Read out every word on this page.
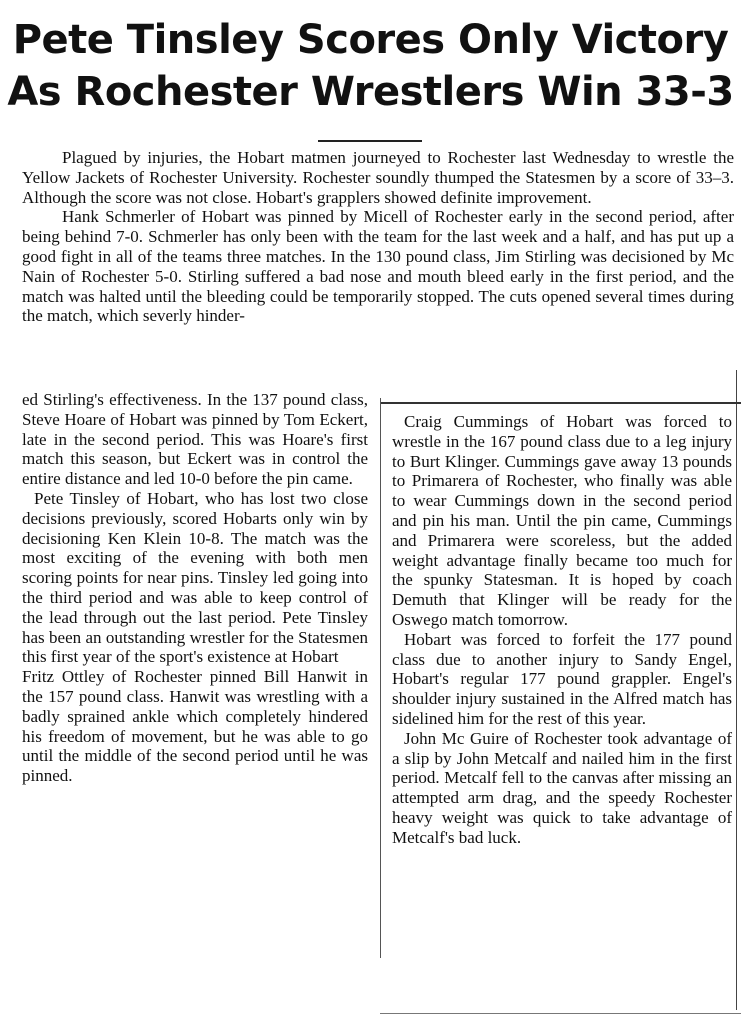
Pete Tinsley Scores Only Victory
As Rochester Wrestlers Win 33-3

Plagued by injuries, the Hobart matmen journeyed to Rochester last Wednesday to wrestle the Yellow Jackets of Rochester University. Rochester soundly thumped the Statesmen by a score of 33–3. Although the score was not close. Hobart's grapplers showed definite improvement.

Hank Schmerler of Hobart was pinned by Micell of Rochester early in the second period, after being behind 7-0. Schmerler has only been with the team for the last week and a half, and has put up a good fight in all of the teams three matches. In the 130 pound class, Jim Stirling was decisioned by Mc Nain of Rochester 5-0. Stirling suffered a bad nose and mouth bleed early in the first period, and the match was halted until the bleeding could be temporarily stopped. The cuts opened several times during the match, which severly hinder-

ed Stirling's effectiveness. In the 137 pound class, Steve Hoare of Hobart was pinned by Tom Eckert, late in the second period. This was Hoare's first match this season, but Eckert was in control the entire distance and led 10-0 before the pin came.

Pete Tinsley of Hobart, who has lost two close decisions previously, scored Hobarts only win by decisioning Ken Klein 10-8. The match was the most exciting of the evening with both men scoring points for near pins. Tinsley led going into the third period and was able to keep control of the lead through out the last period. Pete Tinsley has been an outstanding wrestler for the Statesmen this first year of the sport's existence at Hobart

Fritz Ottley of Rochester pinned Bill Hanwit in the 157 pound class. Hanwit was wrestling with a badly sprained ankle which completely hindered his freedom of movement, but he was able to go until the middle of the second period until he was pinned.

Craig Cummings of Hobart was forced to wrestle in the 167 pound class due to a leg injury to Burt Klinger. Cummings gave away 13 pounds to Primarera of Rochester, who finally was able to wear Cummings down in the second period and pin his man. Until the pin came, Cummings and Primarera were scoreless, but the added weight advantage finally became too much for the spunky Statesman. It is hoped by coach Demuth that Klinger will be ready for the Oswego match tomorrow.

Hobart was forced to forfeit the 177 pound class due to another injury to Sandy Engel, Hobart's regular 177 pound grappler. Engel's shoulder injury sustained in the Alfred match has sidelined him for the rest of this year.

John Mc Guire of Rochester took advantage of a slip by John Metcalf and nailed him in the first period. Metcalf fell to the canvas after missing an attempted arm drag, and the speedy Rochester heavy weight was quick to take advantage of Metcalf's bad luck.
